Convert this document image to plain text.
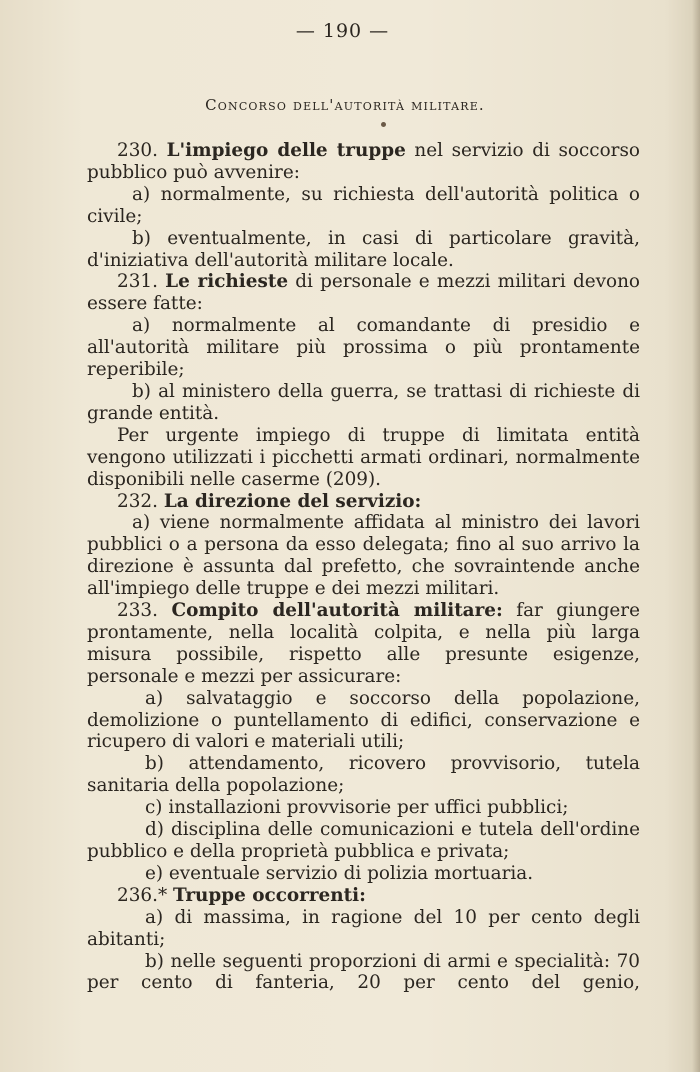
— 190 —
Concorso dell'autorità militare.

230. L'impiego delle truppe nel servizio di soccorso pubblico può avvenire:

a) normalmente, su richiesta dell'autorità politica o civile;

b) eventualmente, in casi di particolare gravità, d'iniziativa dell'autorità militare locale.

231. Le richieste di personale e mezzi militari devono essere fatte:

a) normalmente al comandante di presidio e all'autorità militare più prossima o più prontamente reperibile;

b) al ministero della guerra, se trattasi di richieste di grande entità.

Per urgente impiego di truppe di limitata entità vengono utilizzati i picchetti armati ordinari, normalmente disponibili nelle caserme (209).

232. La direzione del servizio:

a) viene normalmente affidata al ministro dei lavori pubblici o a persona da esso delegata; fino al suo arrivo la direzione è assunta dal prefetto, che sovraintende anche all'impiego delle truppe e dei mezzi militari.

233. Compito dell'autorità militare: far giungere prontamente, nella località colpita, e nella più larga misura possibile, rispetto alle presunte esigenze, personale e mezzi per assicurare:

a) salvataggio e soccorso della popolazione, demolizione o puntellamento di edifici, conservazione e ricupero di valori e materiali utili;

b) attendamento, ricovero provvisorio, tutela sanitaria della popolazione;

c) installazioni provvisorie per uffici pubblici;

d) disciplina delle comunicazioni e tutela dell'ordine pubblico e della proprietà pubblica e privata;

e) eventuale servizio di polizia mortuaria.

236.* Truppe occorrenti:

a) di massima, in ragione del 10 per cento degli abitanti;

b) nelle seguenti proporzioni di armi e specialità: 70 per cento di fanteria, 20 per cento del genio,
